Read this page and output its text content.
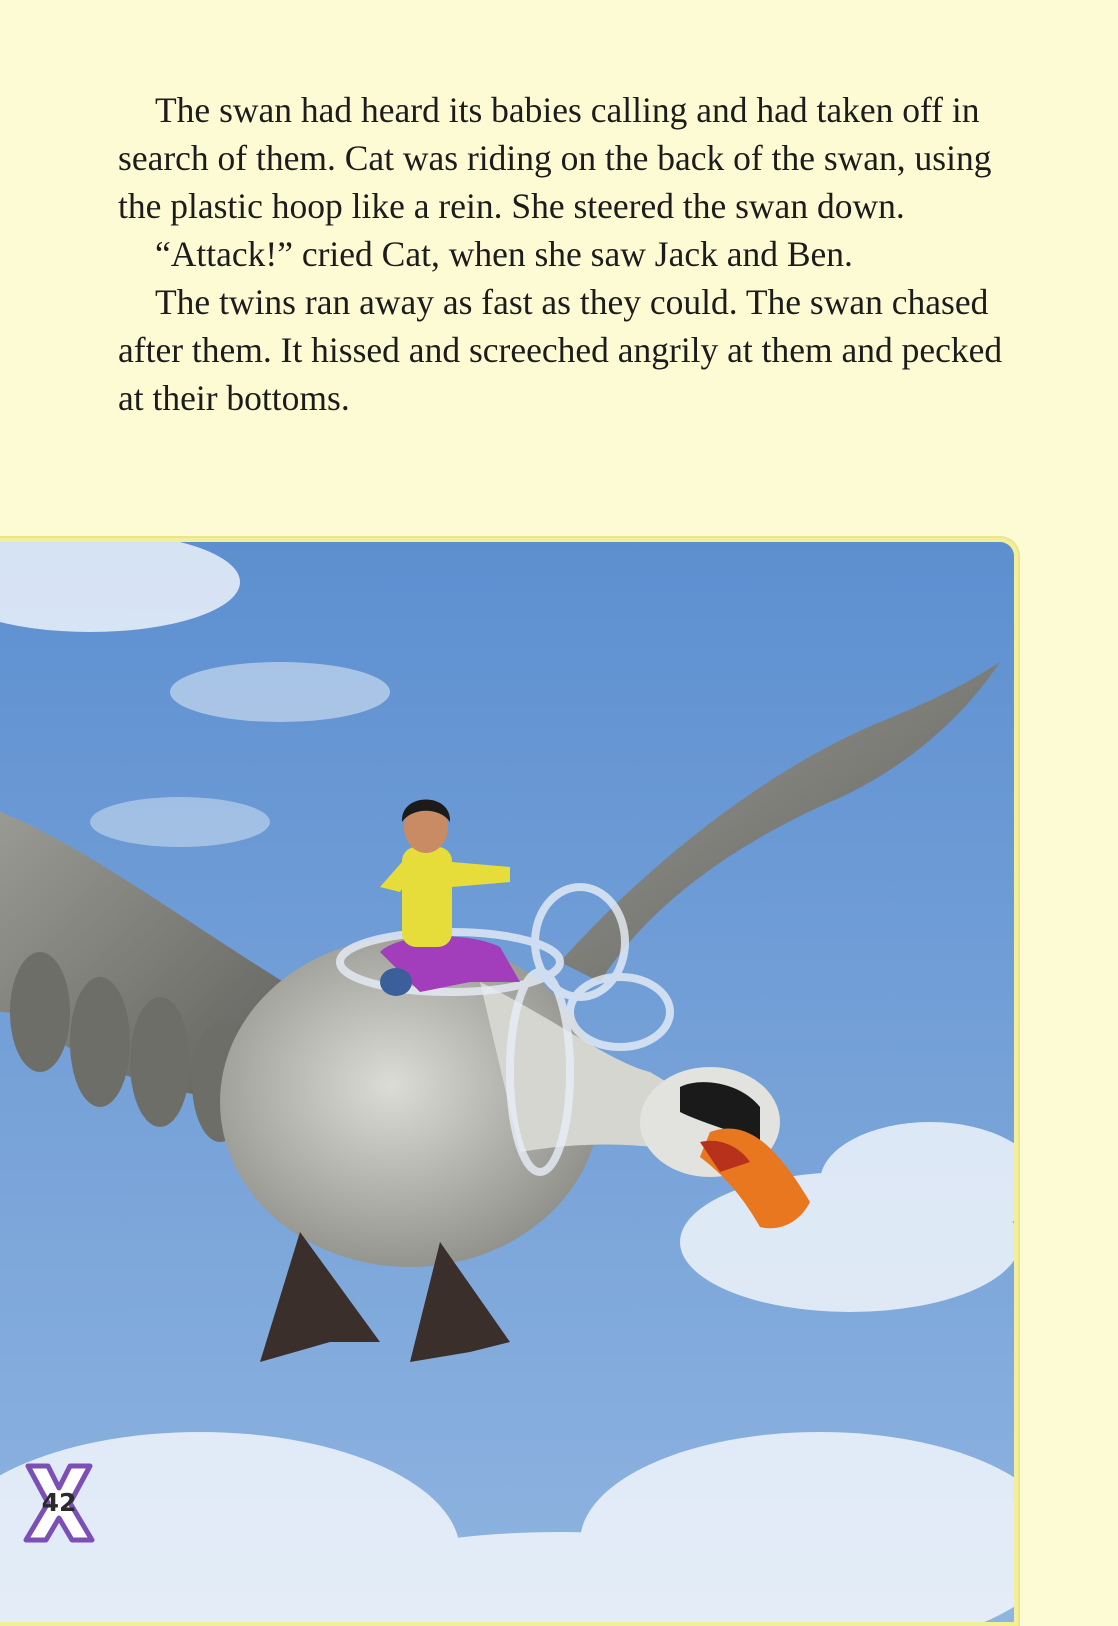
The swan had heard its babies calling and had taken off in search of them. Cat was riding on the back of the swan, using the plastic hoop like a rein. She steered the swan down.

“Attack!” cried Cat, when she saw Jack and Ben.

The twins ran away as fast as they could. The swan chased after them. It hissed and screeched angrily at them and pecked at their bottoms.

42
